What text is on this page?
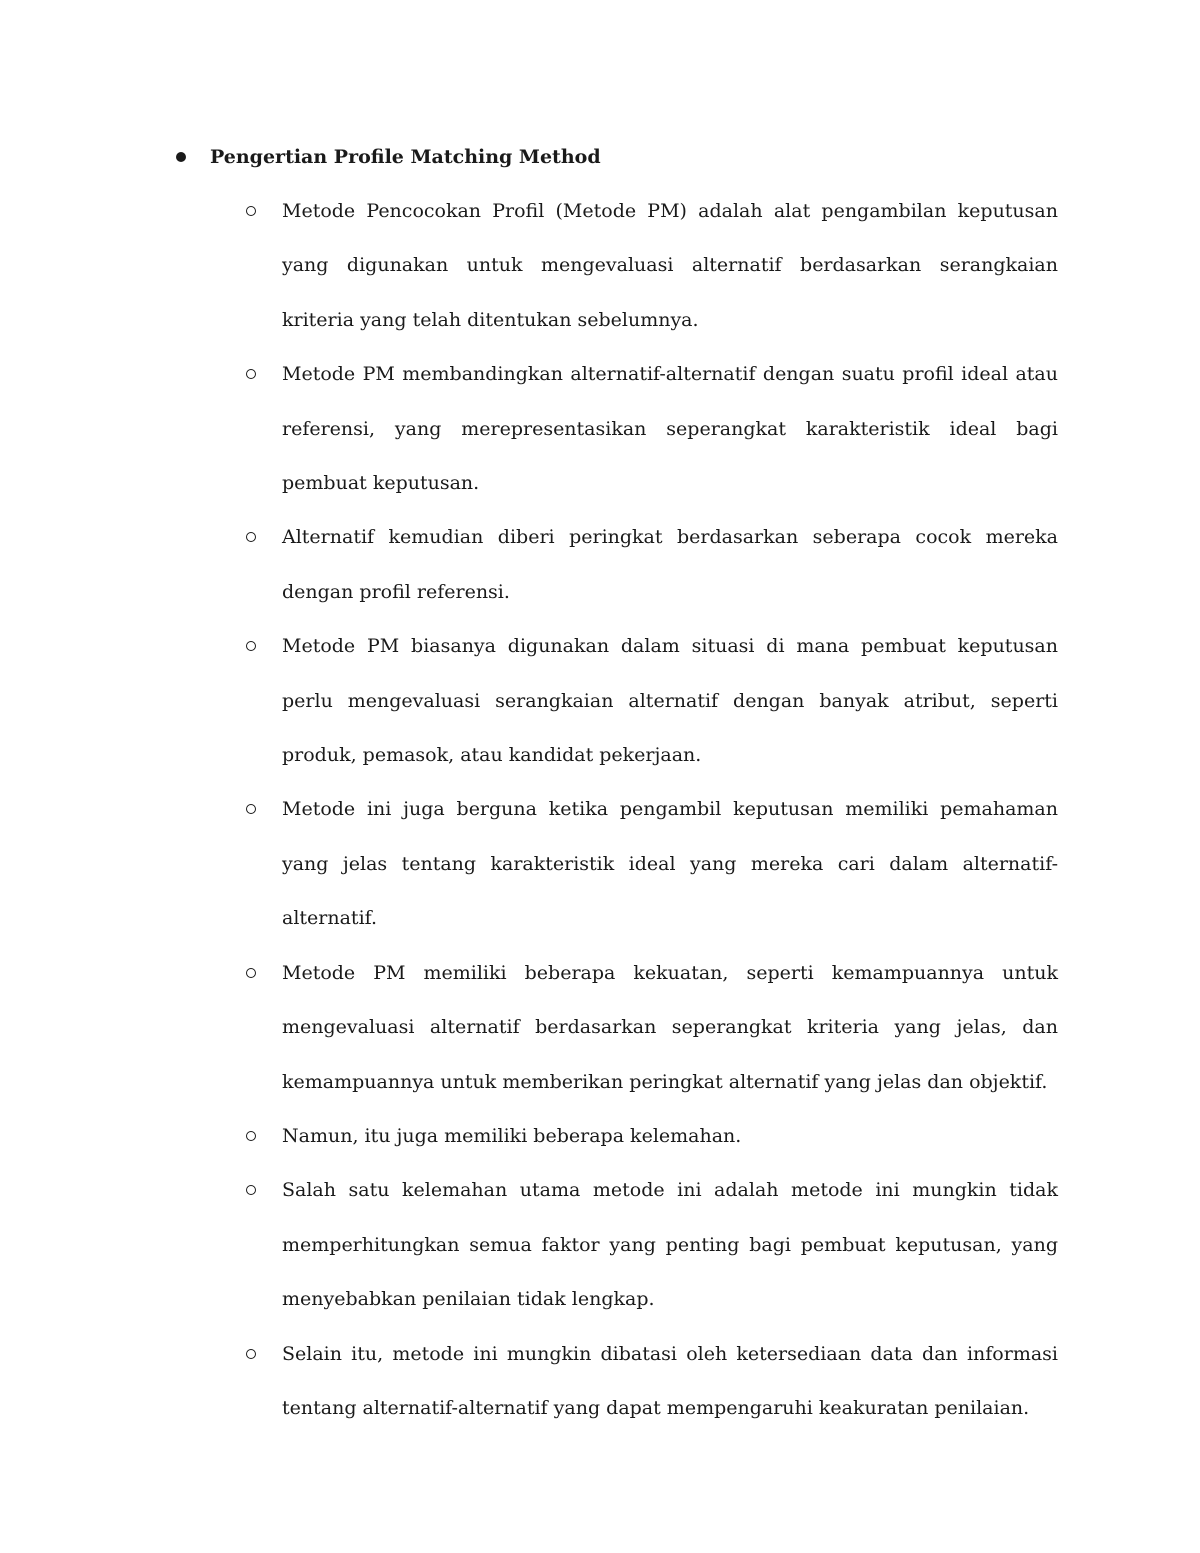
Pengertian Profile Matching Method
Metode Pencocokan Profil (Metode PM) adalah alat pengambilan keputusan yang digunakan untuk mengevaluasi alternatif berdasarkan serangkaian kriteria yang telah ditentukan sebelumnya.
Metode PM membandingkan alternatif-alternatif dengan suatu profil ideal atau referensi, yang merepresentasikan seperangkat karakteristik ideal bagi pembuat keputusan.
Alternatif kemudian diberi peringkat berdasarkan seberapa cocok mereka dengan profil referensi.
Metode PM biasanya digunakan dalam situasi di mana pembuat keputusan perlu mengevaluasi serangkaian alternatif dengan banyak atribut, seperti produk, pemasok, atau kandidat pekerjaan.
Metode ini juga berguna ketika pengambil keputusan memiliki pemahaman yang jelas tentang karakteristik ideal yang mereka cari dalam alternatif-alternatif.
Metode PM memiliki beberapa kekuatan, seperti kemampuannya untuk mengevaluasi alternatif berdasarkan seperangkat kriteria yang jelas, dan kemampuannya untuk memberikan peringkat alternatif yang jelas dan objektif.
Namun, itu juga memiliki beberapa kelemahan.
Salah satu kelemahan utama metode ini adalah metode ini mungkin tidak memperhitungkan semua faktor yang penting bagi pembuat keputusan, yang menyebabkan penilaian tidak lengkap.
Selain itu, metode ini mungkin dibatasi oleh ketersediaan data dan informasi tentang alternatif-alternatif yang dapat mempengaruhi keakuratan penilaian.
